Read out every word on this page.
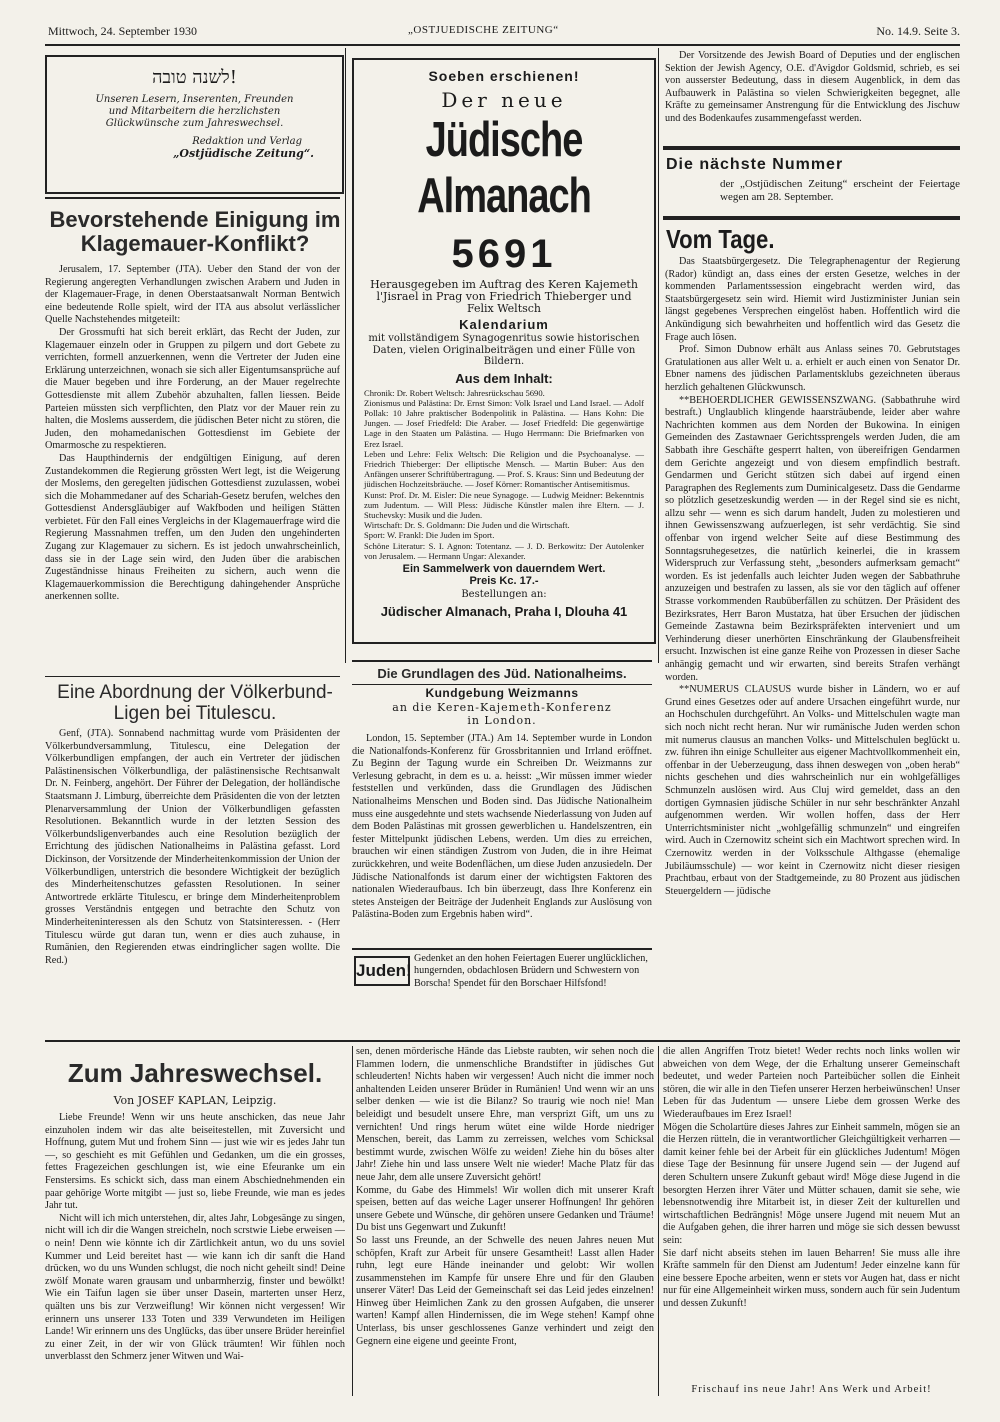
Mittwoch, 24. September 1930	„OSTJUEDISCHE ZEITUNG“	No. 14.9. Seite 3.
לשנה טובה!
Unseren Lesern, Inserenten, Freunden und Mitarbeitern die herzlichsten Glückwünsche zum Jahreswechsel.
Redaktion und Verlag
„Ostjüdische Zeitung“.
Bevorstehende Einigung im Klagemauer-Konflikt?

Jerusalem, 17. September (JTA). Ueber den Stand der von der Regierung angeregten Verhandlungen zwischen Arabern und Juden in der Klagemauer-Frage, in denen Oberstaatsanwalt Norman Bentwich eine bedeutende Rolle spielt, wird der ITA aus absolut verlässlicher Quelle Nachstehendes mitgeteilt:

Der Grossmufti hat sich bereit erklärt, das Recht der Juden, zur Klagemauer einzeln oder in Gruppen zu pilgern und dort Gebete zu verrichten, formell anzuerkennen, wenn die Vertreter der Juden eine Erklärung unterzeichnen, wonach sie sich aller Eigentumsansprüche auf die Mauer begeben und ihre Forderung, an der Mauer regelrechte Gottesdienste mit allem Zubehör abzuhalten, fallen liessen. Beide Parteien müssten sich verpflichten, den Platz vor der Mauer rein zu halten, die Moslems ausserdem, die jüdischen Beter nicht zu stören, die Juden, den mohamedanischen Gottesdienst im Gebiete der Omarmosche zu respektieren.

Das Haupthindernis der endgültigen Einigung, auf deren Zustandekommen die Regierung grössten Wert legt, ist die Weigerung der Moslems, den geregelten jüdischen Gottesdienst zuzulassen, wobei sich die Mohammedaner auf des Schariah-Gesetz berufen, welches den Gottesdienst Andersgläubiger auf Wakfboden und heiligen Stätten verbietet. Für den Fall eines Vergleichs in der Klagemauerfrage wird die Regierung Massnahmen treffen, um den Juden den ungehinderten Zugang zur Klagemauer zu sichern. Es ist jedoch unwahrscheinlich, dass sie in der Lage sein wird, den Juden über die arabischen Zugeständnisse hinaus Freiheiten zu sichern, auch wenn die Klagemauerkommission die Berechtigung dahingehender Ansprüche anerkennen sollte.

Eine Abordnung der Völkerbund-Ligen bei Titulescu.

Genf, (JTA). Sonnabend nachmittag wurde vom Präsidenten der Völkerbundversammlung, Titulescu, eine Delegation der Völkerbundligen empfangen, der auch ein Vertreter der jüdischen Palästinensischen Völkerbundliga, der palästinensische Rechtsanwalt Dr. N. Feinberg, angehört. Der Führer der Delegation, der holländische Staatsmann J. Limburg, überreichte dem Präsidenten die von der letzten Plenarversammlung der Union der Völkerbundligen gefassten Resolutionen. Bekanntlich wurde in der letzten Session des Völkerbundsligenverbandes auch eine Resolution bezüglich der Errichtung des jüdischen Nationalheims in Palästina gefasst. Lord Dickinson, der Vorsitzende der Minderheitenkommission der Union der Völkerbundligen, unterstrich die besondere Wichtigkeit der bezüglich des Minderheitenschutzes gefassten Resolutionen. In seiner Antwortrede erklärte Titulescu, er bringe dem Minderheitenproblem grosses Verständnis entgegen und betrachte den Schutz von Minderheiteninteressen als den Schutz von Statsinteressen. - (Herr Titulescu würde gut daran tun, wenn er dies auch zuhause, in Rumänien, den Regierenden etwas eindringlicher sagen wollte. Die Red.)

Soeben erschienen!
Der neue
Jüdische Almanach
5691
Herausgegeben im Auftrag des Keren Kajemeth l'Jisrael in Prag von Friedrich Thieberger und Felix Weltsch
Kalendarium
mit vollständigem Synagogenritus sowie historischen Daten, vielen Originalbeiträgen und einer Fülle von Bildern.
Aus dem Inhalt:
Chronik: Dr. Robert Weltsch: Jahresrückschau 5690.
Zionismus und Palästina: Dr. Ernst Simon: Volk Israel und Land Israel. — Adolf Pollak: 10 Jahre praktischer Bodenpolitik in Palästina. — Hans Kohn: Die Jungen. — Josef Friedfeld: Die Araber. — Josef Friedfeld: Die gegenwärtige Lage in den Staaten um Palästina. — Hugo Herrmann: Die Briefmarken von Erez Israel.
Leben und Lehre: Felix Weltsch: Die Religion und die Psychoanalyse. — Friedrich Thieberger: Der elliptische Mensch. — Martin Buber: Aus den Anfängen unserer Schriftübertragung. — Prof. S. Kraus: Sinn und Bedeutung der jüdischen Hochzeitsbräuche. — Josef Körner: Romantischer Antisemitismus.
Kunst: Prof. Dr. M. Eisler: Die neue Synagoge. — Ludwig Meidner: Bekenntnis zum Judentum. — Will Pless: Jüdische Künstler malen ihre Eltern. — J. Stuchevsky: Musik und die Juden.
Wirtschaft: Dr. S. Goldmann: Die Juden und die Wirtschaft.
Sport: W. Frankl: Die Juden im Sport.
Schöne Literatur: S. I. Agnon: Totentanz. — J. D. Berkowitz: Der Autolenker von Jerusalem. — Hermann Ungar: Alexander.
Ein Sammelwerk von dauerndem Wert.
Preis Kc. 17.-
Bestellungen an:
Jüdischer Almanach, Praha I, Dlouha 41
Die Grundlagen des Jüd. Nationalheims.
Kundgebung Weizmanns
an die Keren-Kajemeth-Konferenz in London.

London, 15. September (JTA.) Am 14. September wurde in London die Nationalfonds-Konferenz für Grossbritannien und Irrland eröffnet. Zu Beginn der Tagung wurde ein Schreiben Dr. Weizmanns zur Verlesung gebracht, in dem es u. a. heisst: „Wir müssen immer wieder feststellen und verkünden, dass die Grundlagen des Jüdischen Nationalheims Menschen und Boden sind. Das Jüdische Nationalheim muss eine ausgedehnte und stets wachsende Niederlassung von Juden auf dem Boden Palästinas mit grossen gewerblichen u. Handelszentren, ein fester Mittelpunkt jüdischen Lebens, werden. Um dies zu erreichen, brauchen wir einen ständigen Zustrom von Juden, die in ihre Heimat zurückkehren, und weite Bodenflächen, um diese Juden anzusiedeln. Der Jüdische Nationalfonds ist darum einer der wichtigsten Faktoren des nationalen Wiederaufbaus. Ich bin überzeugt, dass Ihre Konferenz ein stetes Ansteigen der Beiträge der Judenheit Englands zur Auslösung von Palästina-Boden zum Ergebnis haben wird“.

Juden!
Gedenket an den hohen Feiertagen Euerer unglücklichen, hungernden, obdachlosen Brüdern und Schwestern von Borscha! Spendet für den Borschaer Hilfsfond!

Der Vorsitzende des Jewish Board of Deputies und der englischen Sektion der Jewish Agency, O.E. d'Avigdor Goldsmid, schrieb, es sei von ausserster Bedeutung, dass in diesem Augenblick, in dem das Aufbauwerk in Palästina so vielen Schwierigkeiten begegnet, alle Kräfte zu gemeinsamer Anstrengung für die Entwicklung des Jischuw und des Bodenkaufes zusammengefasst werden.

Die nächste Nummer
der „Ostjüdischen Zeitung“ erscheint der Feiertage wegen am 28. September.
Vom Tage.

Das Staatsbürgergesetz. Die Telegraphenagentur der Regierung (Rador) kündigt an, dass eines der ersten Gesetze, welches in der kommenden Parlamentssession eingebracht werden wird, das Staatsbürgergesetz sein wird. Hiemit wird Justizminister Junian sein längst gegebenes Versprechen eingelöst haben. Hoffentlich wird die Ankündigung sich bewahrheiten und hoffentlich wird das Gesetz die Frage auch lösen.

Prof. Simon Dubnow erhält aus Anlass seines 70. Gebrutstages Gratulationen aus aller Welt u. a. erhielt er auch einen von Senator Dr. Ebner namens des jüdischen Parlamentsklubs gezeichneten überaus herzlich gehaltenen Glückwunsch.

**BEHOERDLICHER GEWISSENSZWANG. (Sabbathruhe wird bestraft.) Unglaublich klingende haarsträubende, leider aber wahre Nachrichten kommen aus dem Norden der Bukowina. In einigen Gemeinden des Zastawnaer Gerichtssprengels werden Juden, die am Sabbath ihre Geschäfte gesperrt halten, von übereifrigen Gendarmen dem Gerichte angezeigt und von diesem empfindlich bestraft. Gendarmen und Gericht stützen sich dabei auf irgend einen Paragraphen des Reglements zum Duminicalgesetz. Dass die Gendarme so plötzlich gesetzeskundig werden — in der Regel sind sie es nicht, allzu sehr — wenn es sich darum handelt, Juden zu molestieren und ihnen Gewissenszwang aufzuerlegen, ist sehr verdächtig. Sie sind offenbar von irgend welcher Seite auf diese Bestimmung des Sonntagsruhegesetzes, die natürlich keinerlei, die in krassem Widerspruch zur Verfassung steht, „besonders aufmerksam gemacht“ worden. Es ist jedenfalls auch leichter Juden wegen der Sabbathruhe anzuzeigen und bestrafen zu lassen, als sie vor den täglich auf offener Strasse vorkommenden Raubüberfällen zu schützen. Der Präsident des Bezirksrates, Herr Baron Mustatza, hat über Ersuchen der jüdischen Gemeinde Zastawna beim Bezirkspräfekten interveniert und um Verhinderung dieser unerhörten Einschränkung der Glaubensfreiheit ersucht. Inzwischen ist eine ganze Reihe von Prozessen in dieser Sache anhängig gemacht und wir erwarten, sind bereits Strafen verhängt worden.

**NUMERUS CLAUSUS wurde bisher in Ländern, wo er auf Grund eines Gesetzes oder auf andere Ursachen eingeführt wurde, nur an Hochschulen durchgeführt. An Volks- und Mittelschulen wagte man sich noch nicht recht heran. Nur wir rumänische Juden werden schon mit numerus clausus an manchen Volks- und Mittelschulen beglückt u. zw. führen ihn einige Schulleiter aus eigener Machtvollkommenheit ein, offenbar in der Ueberzeugung, dass ihnen deswegen von „oben herab“ nichts geschehen und dies wahrscheinlich nur ein wohlgefälliges Schmunzeln auslösen wird. Aus Cluj wird gemeldet, dass an den dortigen Gymnasien jüdische Schüler in nur sehr beschränkter Anzahl aufgenommen werden. Wir wollen hoffen, dass der Herr Unterrichtsminister nicht „wohlgefällig schmunzeln“ und eingreifen wird. Auch in Czernowitz scheint sich ein Machtwort sprechen wird. In Czernowitz werden in der Volksschule Althgasse (ehemalige Jubiläumsschule) — wor keint in Czernowitz nicht dieser riesigen Prachtbau, erbaut von der Stadtgemeinde, zu 80 Prozent aus jüdischen Steuergeldern — jüdische

Zum Jahreswechsel.
Von JOSEF KAPLAN, Leipzig.

Liebe Freunde! Wenn wir uns heute anschicken, das neue Jahr einzuholen indem wir das alte beiseitestellen, mit Zuversicht und Hoffnung, gutem Mut und frohem Sinn — just wie wir es jedes Jahr tun —, so geschieht es mit Gefühlen und Gedanken, um die ein grosses, fettes Fragezeichen geschlungen ist, wie eine Efeuranke um ein Fenstersims. Es schickt sich, dass man einem Abschiednehmenden ein paar gehörige Worte mitgibt — just so, liebe Freunde, wie man es jedes Jahr tut.

Nicht will ich mich unterstehen, dir, altes Jahr, Lobgesänge zu singen, nicht will ich dir die Wangen streicheln, noch scrstwie Liebe erweisen — o nein! Denn wie könnte ich dir Zärtlichkeit antun, wo du uns soviel Kummer und Leid bereitet hast — wie kann ich dir sanft die Hand drücken, wo du uns Wunden schlugst, die noch nicht geheilt sind! Deine zwölf Monate waren grausam und unbarmherzig, finster und bewölkt! Wie ein Taifun lagen sie über unser Dasein, marterten unser Herz, quälten uns bis zur Verzweiflung! Wir können nicht vergessen! Wir erinnern uns unserer 133 Toten und 339 Verwundeten im Heiligen Lande! Wir erinnern uns des Unglücks, das über unsere Brüder hereinfiel zu einer Zeit, in der wir von Glück träumten! Wir fühlen noch unverblasst den Schmerz jener Witwen und Wai-

sen, denen mörderische Hände das Liebste raubten, wir sehen noch die Flammen lodern, die unmenschliche Brandstifter in jüdisches Gut schleuderten! Nichts haben wir vergessen! Auch nicht die immer noch anhaltenden Leiden unserer Brüder in Rumänien! Und wenn wir an uns selber denken — wie ist die Bilanz? So traurig wie noch nie! Man beleidigt und besudelt unsere Ehre, man versprizt Gift, um uns zu vernichten! Und rings herum wütet eine wilde Horde niedriger Menschen, bereit, das Lamm zu zerreissen, welches vom Schicksal bestimmt wurde, zwischen Wölfe zu weiden! Ziehe hin du böses alter Jahr! Ziehe hin und lass unsere Welt nie wieder! Mache Platz für das neue Jahr, dem alle unsere Zuversicht gehört!
Komme, du Gabe des Himmels! Wir wollen dich mit unserer Kraft speisen, betten auf das weiche Lager unserer Hoffnungen! Ihr gehören unsere Gebete und Wünsche, dir gehören unsere Gedanken und Träume! Du bist uns Gegenwart und Zukunft!
So lasst uns Freunde, an der Schwelle des neuen Jahres neuen Mut schöpfen, Kraft zur Arbeit für unsere Gesamtheit! Lasst allen Hader ruhn, legt eure Hände ineinander und gelobt: Wir wollen zusammenstehen im Kampfe für unsere Ehre und für den Glauben unserer Väter! Das Leid der Gemeinschaft sei das Leid jedes einzelnen! Hinweg über Heimlichen Zank zu den grossen Aufgaben, die unserer warten! Kampf allen Hindernissen, die im Wege stehen! Kampf ohne Unterlass, bis unser geschlossenes Ganze verhindert und zeigt den Gegnern eine eigene und geeinte Front,
die allen Angriffen Trotz bietet! Weder rechts noch links wollen wir abweichen von dem Wege, der die Erhaltung unserer Gemeinschaft bedeutet, und weder Parteien noch Parteibücher sollen die Einheit stören, die wir alle in den Tiefen unserer Herzen herbeiwünschen! Unser Leben für das Judentum — unsere Liebe dem grossen Werke des Wiederaufbaues im Erez Israel!
Mögen die Scholartüre dieses Jahres zur Einheit sammeln, mögen sie an die Herzen rütteln, die in verantwortlicher Gleichgültigkeit verharren — damit keiner fehle bei der Arbeit für ein glückliches Judentum! Mögen diese Tage der Besinnung für unsere Jugend sein — der Jugend auf deren Schultern unsere Zukunft gebaut wird! Möge diese Jugend in die besorgten Herzen ihrer Väter und Mütter schauen, damit sie sehe, wie lebensnotwendig ihre Mitarbeit ist, in dieser Zeit der kulturellen und wirtschaftlichen Bedrängnis! Möge unsere Jugend mit neuem Mut an die Aufgaben gehen, die ihrer harren und möge sie sich dessen bewusst sein:
Sie darf nicht abseits stehen im lauen Beharren! Sie muss alle ihre Kräfte sammeln für den Dienst am Judentum! Jeder einzelne kann für eine bessere Epoche arbeiten, wenn er stets vor Augen hat, dass er nicht nur für eine Allgemeinheit wirken muss, sondern auch für sein Judentum und dessen Zukunft!
Frischauf ins neue Jahr! Ans Werk und Arbeit!
